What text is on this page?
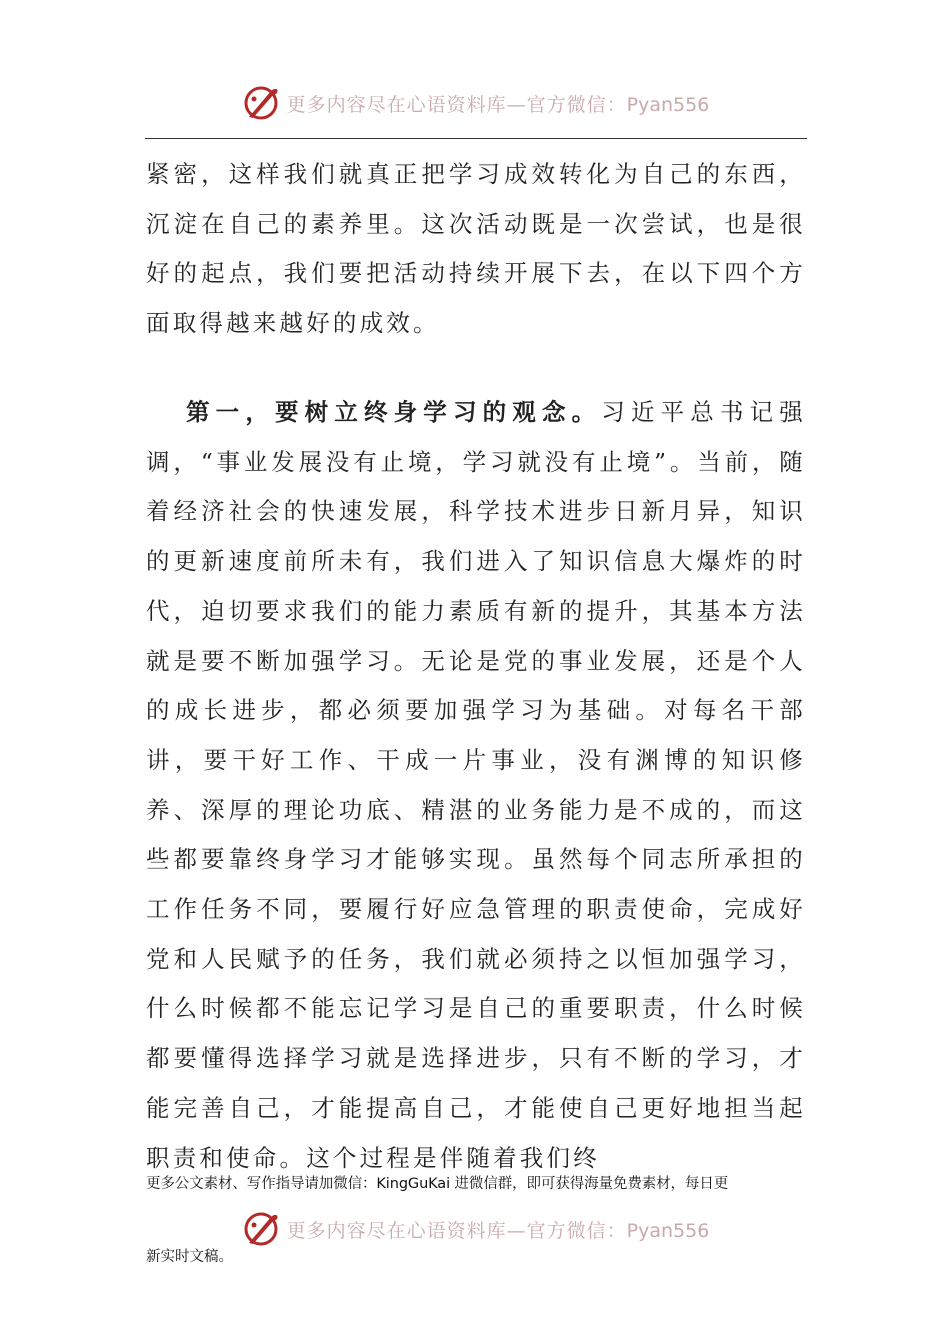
更多内容尽在心语资料库—官方微信：Pyan556

紧密，这样我们就真正把学习成效转化为自己的东西，沉淀在自己的素养里。这次活动既是一次尝试，也是很好的起点，我们要把活动持续开展下去，在以下四个方面取得越来越好的成效。

第一，要树立终身学习的观念。习近平总书记强调，“事业发展没有止境，学习就没有止境”。当前，随着经济社会的快速发展，科学技术进步日新月异，知识的更新速度前所未有，我们进入了知识信息大爆炸的时代，迫切要求我们的能力素质有新的提升，其基本方法就是要不断加强学习。无论是党的事业发展，还是个人的成长进步，都必须要加强学习为基础。对每名干部讲，要干好工作、干成一片事业，没有渊博的知识修养、深厚的理论功底、精湛的业务能力是不成的，而这些都要靠终身学习才能够实现。虽然每个同志所承担的工作任务不同，要履行好应急管理的职责使命，完成好党和人民赋予的任务，我们就必须持之以恒加强学习，什么时候都不能忘记学习是自己的重要职责，什么时候都要懂得选择学习就是选择进步，只有不断的学习，才能完善自己，才能提高自己，才能使自己更好地担当起职责和使命。这个过程是伴随着我们终

更多公文素材、写作指导请加微信：KingGuKai 进微信群，即可获得海量免费素材，每日更

更多内容尽在心语资料库—官方微信：Pyan556

新实时文稿。
